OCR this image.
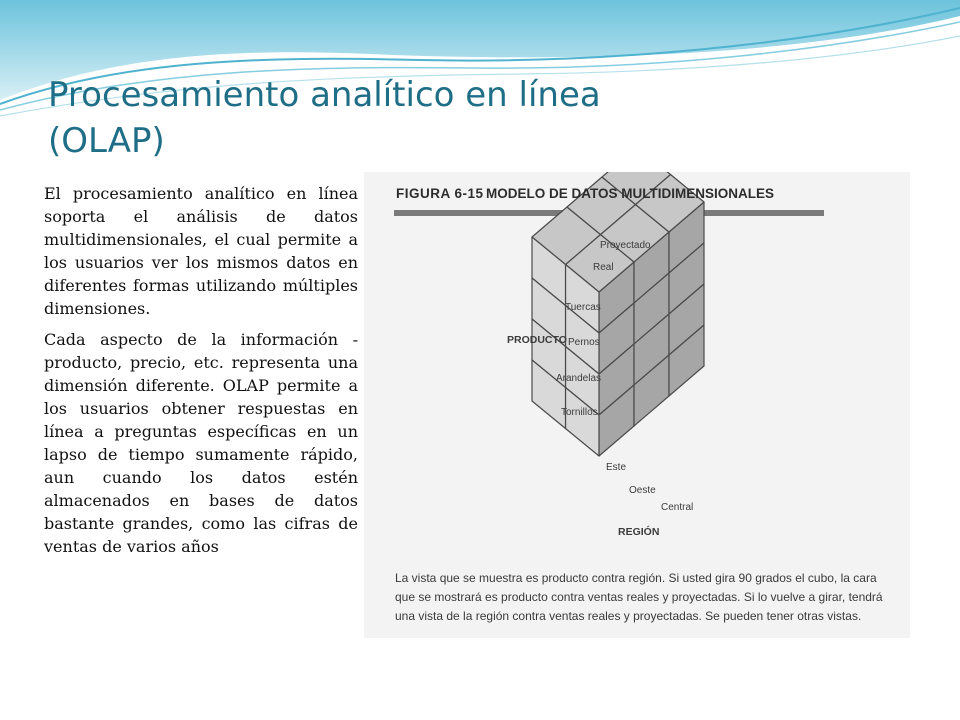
Procesamiento analítico en línea
(OLAP)

El procesamiento analítico en línea soporta el análisis de datos multidimensionales, el cual permite a los usuarios ver los mismos datos en diferentes formas utilizando múltiples dimensiones.

Cada aspecto de la información - producto, precio, etc. representa una dimensión diferente. OLAP permite a los usuarios obtener respuestas en línea a preguntas específicas en un lapso de tiempo sumamente rápido, aun cuando los datos estén almacenados en bases de datos bastante grandes, como las cifras de ventas de varios años

FIGURA 6-15 MODELO DE DATOS MULTIDIMENSIONALES
Proyectado
Real
Tuercas
PRODUCTO Pernos
Arandelas
Tornillos
Este
Oeste
Central
REGIÓN

La vista que se muestra es producto contra región. Si usted gira 90 grados el cubo, la cara que se mostrará es producto contra ventas reales y proyectadas. Si lo vuelve a girar, tendrá una vista de la región contra ventas reales y proyectadas. Se pueden tener otras vistas.
